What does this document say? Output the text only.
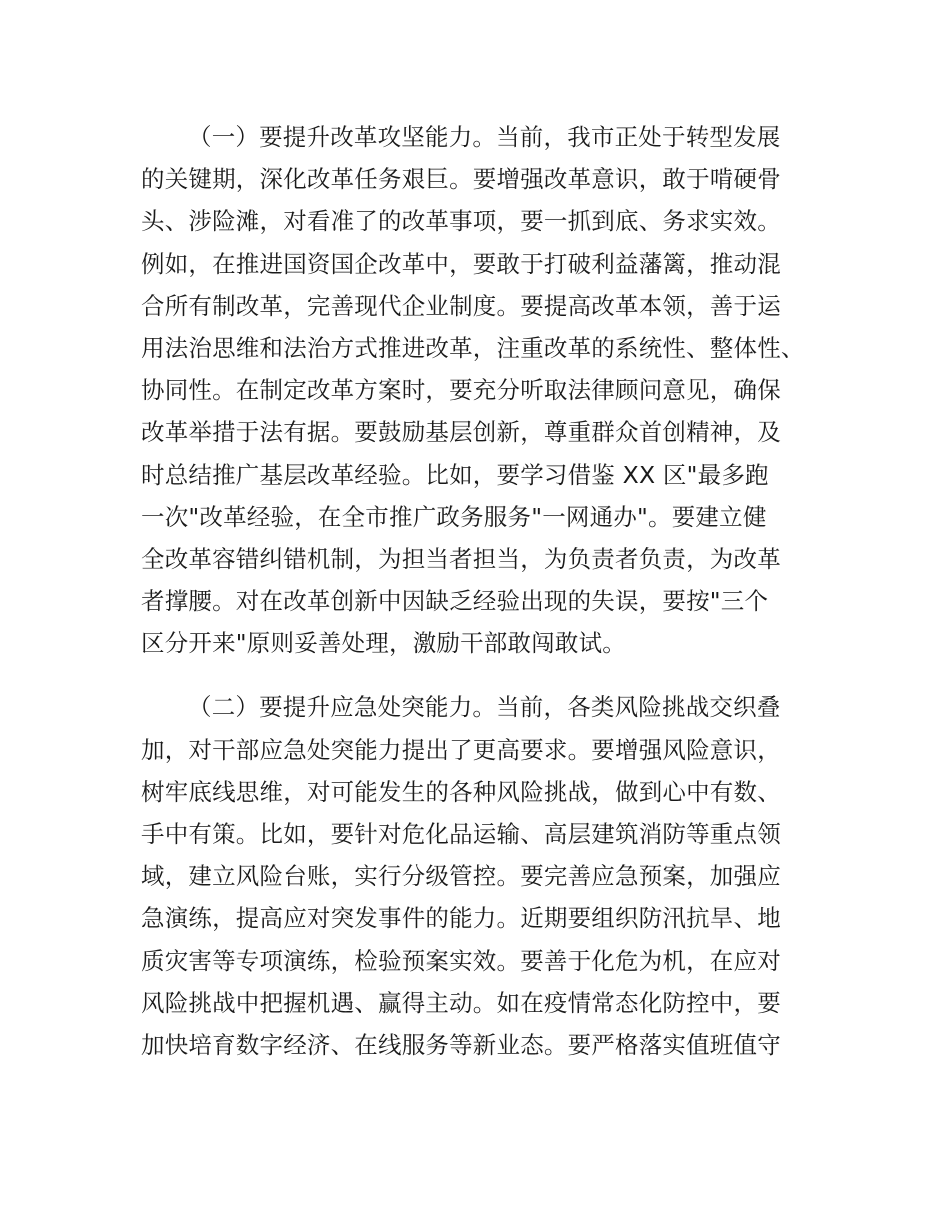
（一）要提升改革攻坚能力。当前，我市正处于转型发展
的关键期，深化改革任务艰巨。要增强改革意识，敢于啃硬骨
头、涉险滩，对看准了的改革事项，要一抓到底、务求实效。
例如，在推进国资国企改革中，要敢于打破利益藩篱，推动混
合所有制改革，完善现代企业制度。要提高改革本领，善于运
用法治思维和法治方式推进改革，注重改革的系统性、整体性、
协同性。在制定改革方案时，要充分听取法律顾问意见，确保
改革举措于法有据。要鼓励基层创新，尊重群众首创精神，及
时总结推广基层改革经验。比如，要学习借鉴 XX 区"最多跑
一次"改革经验，在全市推广政务服务"一网通办"。要建立健
全改革容错纠错机制，为担当者担当，为负责者负责，为改革
者撑腰。对在改革创新中因缺乏经验出现的失误，要按"三个
区分开来"原则妥善处理，激励干部敢闯敢试。
（二）要提升应急处突能力。当前，各类风险挑战交织叠
加，对干部应急处突能力提出了更高要求。要增强风险意识，
树牢底线思维，对可能发生的各种风险挑战，做到心中有数、
手中有策。比如，要针对危化品运输、高层建筑消防等重点领
域，建立风险台账，实行分级管控。要完善应急预案，加强应
急演练，提高应对突发事件的能力。近期要组织防汛抗旱、地
质灾害等专项演练，检验预案实效。要善于化危为机，在应对
风险挑战中把握机遇、赢得主动。如在疫情常态化防控中，要
加快培育数字经济、在线服务等新业态。要严格落实值班值守
